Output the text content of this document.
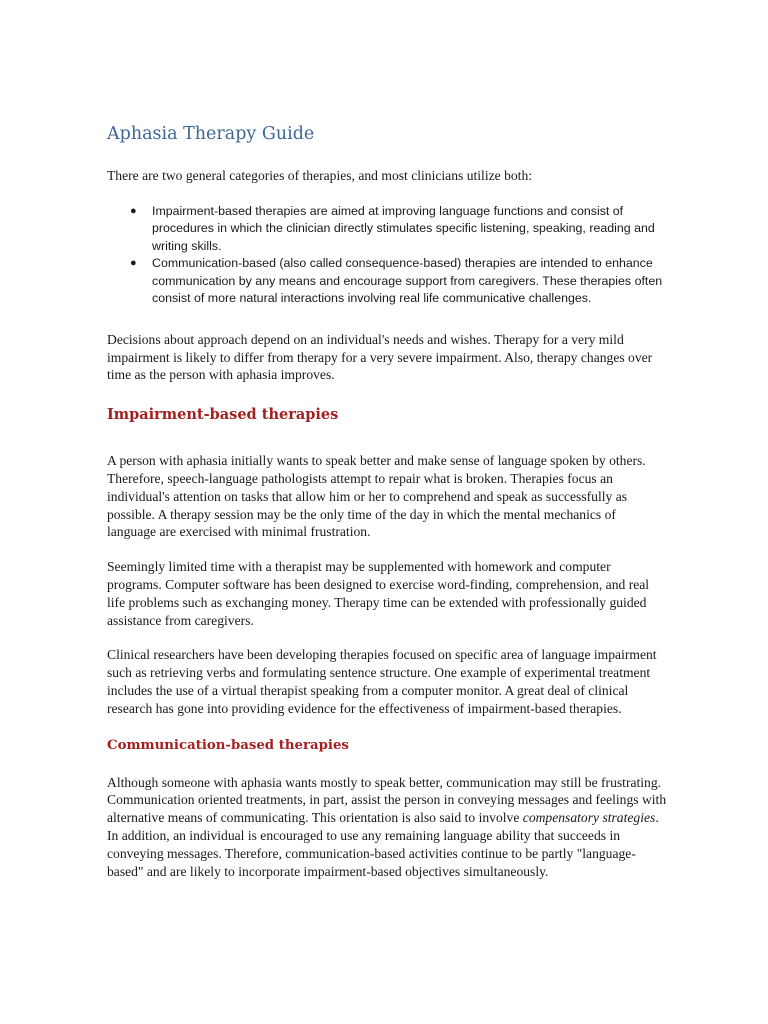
Aphasia Therapy Guide

There are two general categories of therapies, and most clinicians utilize both:

● Impairment-based therapies are aimed at improving language functions and consist of procedures in which the clinician directly stimulates specific listening, speaking, reading and writing skills.
● Communication-based (also called consequence-based) therapies are intended to enhance communication by any means and encourage support from caregivers. These therapies often consist of more natural interactions involving real life communicative challenges.

Decisions about approach depend on an individual's needs and wishes. Therapy for a very mild impairment is likely to differ from therapy for a very severe impairment. Also, therapy changes over time as the person with aphasia improves.

Impairment-based therapies

A person with aphasia initially wants to speak better and make sense of language spoken by others. Therefore, speech-language pathologists attempt to repair what is broken. Therapies focus an individual's attention on tasks that allow him or her to comprehend and speak as successfully as possible. A therapy session may be the only time of the day in which the mental mechanics of language are exercised with minimal frustration.

Seemingly limited time with a therapist may be supplemented with homework and computer programs. Computer software has been designed to exercise word-finding, comprehension, and real life problems such as exchanging money. Therapy time can be extended with professionally guided assistance from caregivers.

Clinical researchers have been developing therapies focused on specific area of language impairment such as retrieving verbs and formulating sentence structure. One example of experimental treatment includes the use of a virtual therapist speaking from a computer monitor. A great deal of clinical research has gone into providing evidence for the effectiveness of impairment-based therapies.

Communication-based therapies

Although someone with aphasia wants mostly to speak better, communication may still be frustrating. Communication oriented treatments, in part, assist the person in conveying messages and feelings with alternative means of communicating. This orientation is also said to involve compensatory strategies. In addition, an individual is encouraged to use any remaining language ability that succeeds in conveying messages. Therefore, communication-based activities continue to be partly "language-based" and are likely to incorporate impairment-based objectives simultaneously.
